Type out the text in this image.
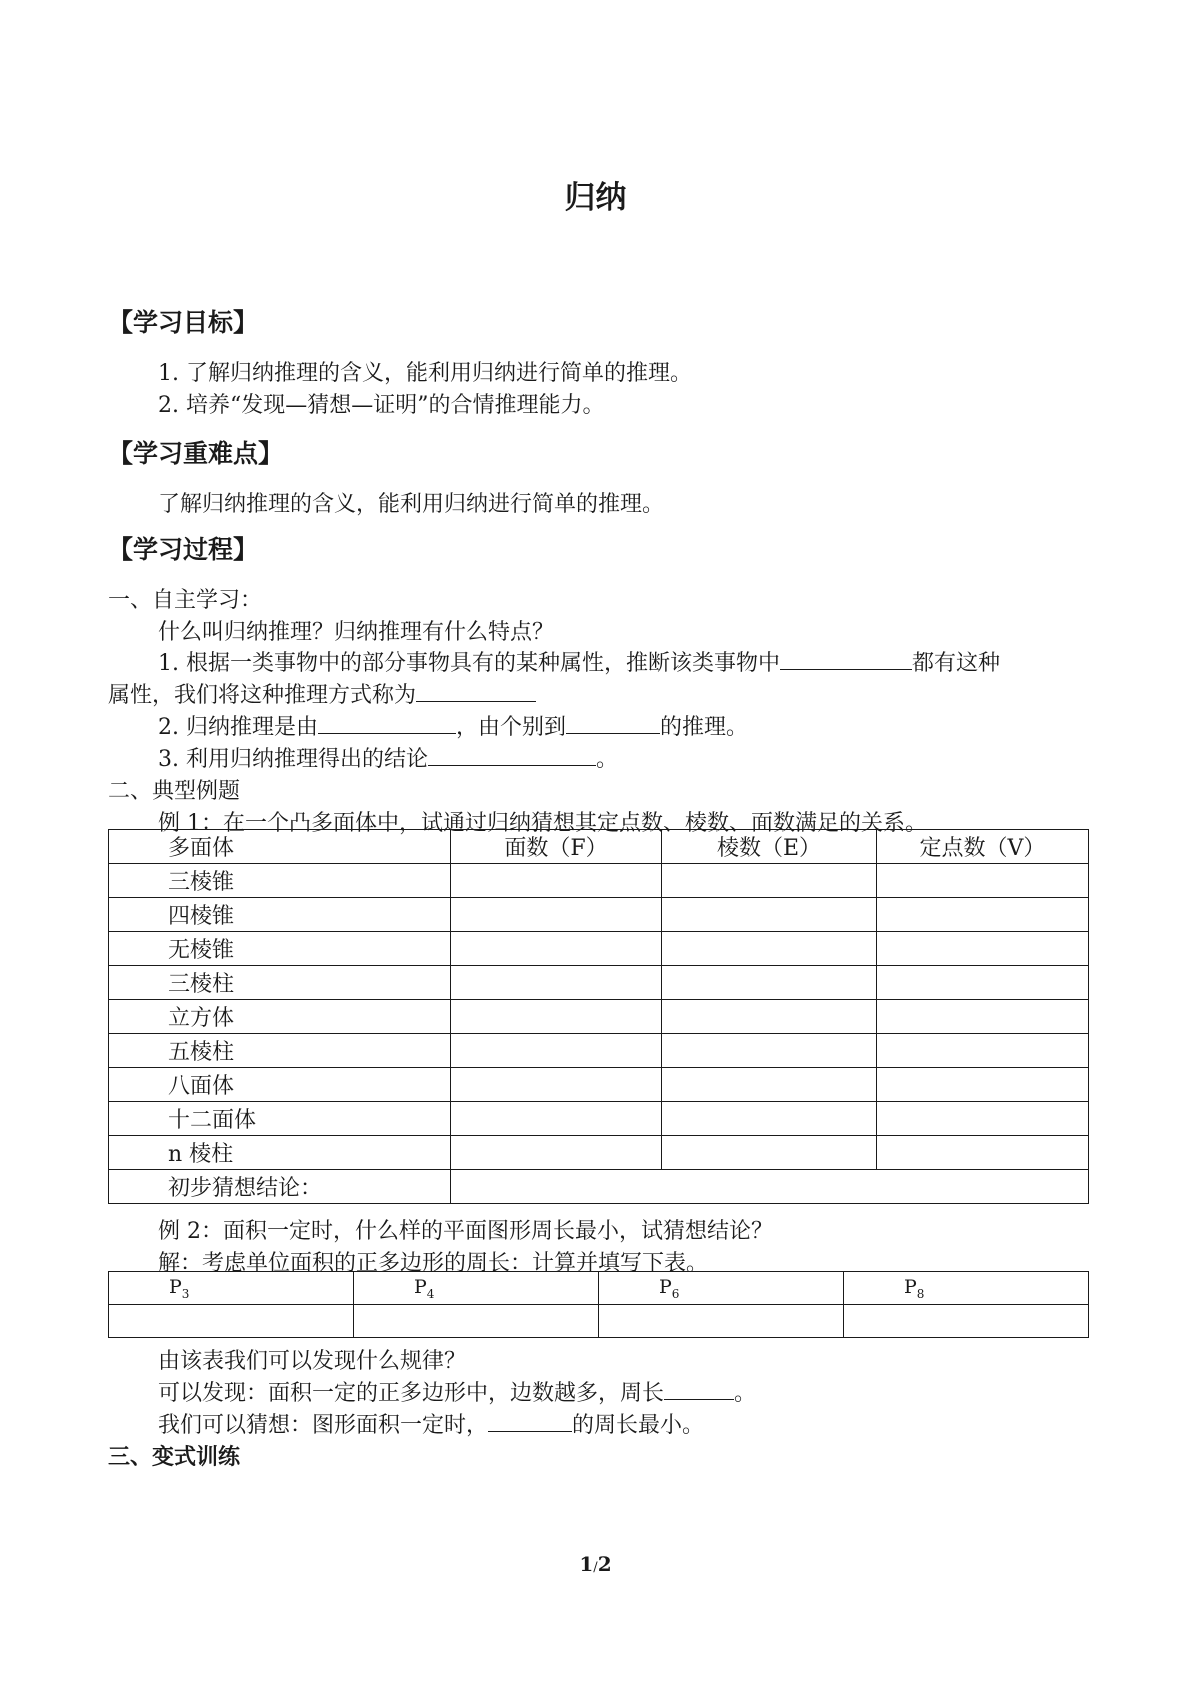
归纳
【学习目标】
1. 了解归纳推理的含义，能利用归纳进行简单的推理。
2. 培养“发现—猜想—证明”的合情推理能力。
【学习重难点】
了解归纳推理的含义，能利用归纳进行简单的推理。
【学习过程】
一、自主学习：
什么叫归纳推理？归纳推理有什么特点？
1. 根据一类事物中的部分事物具有的某种属性，推断该类事物中	都有这种
属性，我们将这种推理方式称为
2. 归纳推理是由	，由个别到	的推理。
3. 利用归纳推理得出的结论	。
二、典型例题
例 1：在一个凸多面体中，试通过归纳猜想其定点数、棱数、面数满足的关系。
多面体	面数（F）	棱数（E）	定点数（V）
三棱锥			
四棱锥			
无棱锥			
三棱柱			
立方体			
五棱柱			
八面体			
十二面体			
n 棱柱			
初步猜想结论：			
例 2：面积一定时，什么样的平面图形周长最小，试猜想结论？
解：考虑单位面积的正多边形的周长：计算并填写下表。
$P_3$	$P_4$	$P_6$	$P_8$

由该表我们可以发现什么规律？
可以发现：面积一定的正多边形中，边数越多，周长	。
我们可以猜想：图形面积一定时，	的周长最小。
三、变式训练
1/2
